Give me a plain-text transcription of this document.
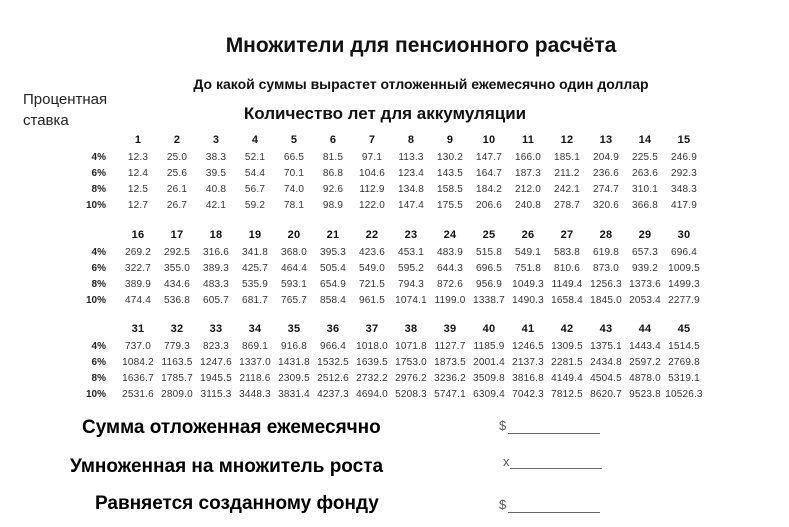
Множители для пенсионного расчёта
До какой суммы вырастет отложенный ежемесячно один доллар
Количество лет для аккумуляции
Процентная
ставка
1	2	3	4	5	6	7	8	9	10	11	12	13	14	15
4%	12.3	25.0	38.3	52.1	66.5	81.5	97.1	113.3	130.2	147.7	166.0	185.1	204.9	225.5	246.9
6%	12.4	25.6	39.5	54.4	70.1	86.8	104.6	123.4	143.5	164.7	187.3	211.2	236.6	263.6	292.3
8%	12.5	26.1	40.8	56.7	74.0	92.6	112.9	134.8	158.5	184.2	212.0	242.1	274.7	310.1	348.3
10%	12.7	26.7	42.1	59.2	78.1	98.9	122.0	147.4	175.5	206.6	240.8	278.7	320.6	366.8	417.9
16	17	18	19	20	21	22	23	24	25	26	27	28	29	30
4%	269.2	292.5	316.6	341.8	368.0	395.3	423.6	453.1	483.9	515.8	549.1	583.8	619.8	657.3	696.4
6%	322.7	355.0	389.3	425.7	464.4	505.4	549.0	595.2	644.3	696.5	751.8	810.6	873.0	939.2	1009.5
8%	389.9	434.6	483.3	535.9	593.1	654.9	721.5	794.3	872.6	956.9	1049.3 1149.4 1256.3 1373.6 1499.3
10%	474.4	536.8	605.7	681.7	765.7	858.4	961.5	1074.1 1199.0 1338.7 1490.3 1658.4 1845.0 2053.4 2277.9
31	32	33	34	35	36	37	38	39	40	41	42	43	44	45
4%	737.0	779.3	823.3	869.1	916.8	966.4	1018.0 1071.8 1127.7 1185.9 1246.5 1309.5 1375.1 1443.4 1514.5
6%	1084.2 1163.5 1247.6 1337.0 1431.8 1532.5 1639.5 1753.0 1873.5 2001.4 2137.3 2281.5 2434.8 2597.2 2769.8
8%	1636.7 1785.7 1945.5 2118.6 2309.5 2512.6 2732.2 2976.2 3236.2 3509.8 3816.8 4149.4 4504.5 4878.0 5319.1
10%	2531.6 2809.0 3115.3 3448.3 3831.4 4237.3 4694.0 5208.3 5747.1 6309.4 7042.3 7812.5 8620.7 9523.8 10526.3
Сумма отложенная ежемесячно
Умноженная на множитель роста
Равняется созданному фонду
$
x
$
